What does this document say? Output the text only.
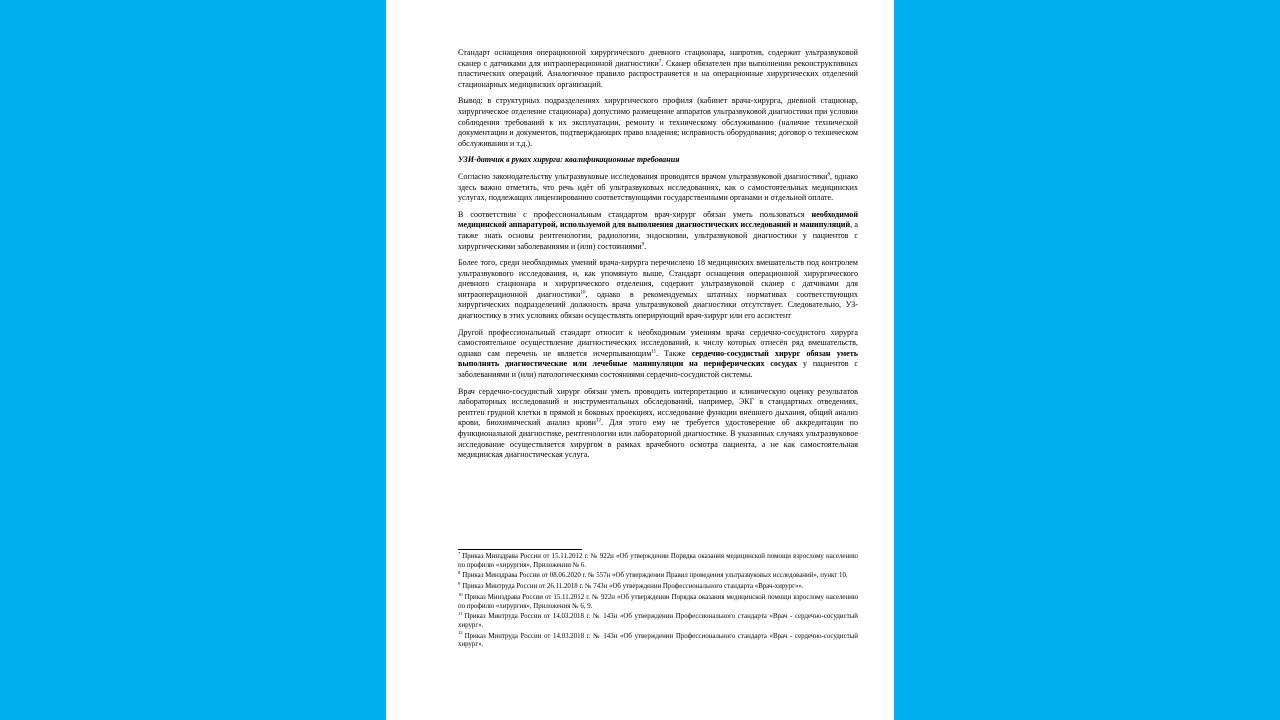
Стандарт оснащения операционной хирургического дневного стационара, напротив, содержит ультразвуковой сканер с датчиками для интраоперационной диагностики$^7$. Сканер обязателен при выполнении реконструктивных пластических операций. Аналогичное правило распространяется и на операционные хирургических отделений стационарных медицинских организаций.

Вывод: в структурных подразделениях хирургического профиля (кабинет врача-хирурга, дневной стационар, хирургическое отделение стационара) допустимо размещение аппаратов ультразвуковой диагностики при условии соблюдения требований к их эксплуатации, ремонту и техническому обслуживанию (наличие технической документации и документов, подтверждающих право владения; исправность оборудования; договор о техническом обслуживании и т.д.).

УЗИ-датчик в руках хирурга: квалификационные требования

Согласно законодательству ультразвуковые исследования проводятся врачом ультразвуковой диагностики$^8$, однако здесь важно отметить, что речь идёт об ультразвуковых исследованиях, как о самостоятельных медицинских услугах, подлежащих лицензированию соответствующими государственными органами и отдельной оплате.

В соответствии с профессиональным стандартом врач-хирург обязан уметь пользоваться необходимой медицинской аппаратурой, используемой для выполнения диагностических исследований и манипуляций, а также знать основы рентгенологии, радиологии, эндоскопии, ультразвуковой диагностики у пациентов с хирургическими заболеваниями и (или) состояниями$^9$.

Более того, среди необходимых умений врача-хирурга перечислено 18 медицинских вмешательств под контролем ультразвукового исследования, и, как упомянуто выше, Стандарт оснащения операционной хирургического дневного стационара и хирургического отделения, содержит ультразвуковой сканер с датчиками для интраоперационной диагностики$^{10}$, однако в рекомендуемых штатных нормативах соответствующих хирургических подразделений должность врача ультразвуковой диагностики отсутствует. Следовательно, УЗ-диагностику в этих условиях обязан осуществлять оперирующий врач-хирург или его ассистент

Другой профессиональный стандарт относит к необходимым умениям врача сердечно-сосудистого хирурга самостоятельное осуществление диагностических исследований, к числу которых отнесён ряд вмешательств, однако сам перечень не является исчерпывающим$^{11}$. Также сердечно-сосудистый хирург обязан уметь выполнять диагностические или лечебные манипуляции на периферических сосудах у пациентов с заболеваниями и (или) патологическими состояниями сердечно-сосудистой системы.

Врач сердечно-сосудистый хирург обязан уметь проводить интерпретацию и клиническую оценку результатов лабораторных исследований и инструментальных обследований, например, ЭКГ в стандартных отведениях, рентген грудной клетки в прямой и боковых проекциях, исследование функции внешнего дыхания, общий анализ крови, биохимический анализ крови$^{12}$. Для этого ему не требуется удостоверение об аккредитации по функциональной диагностике, рентгенологии или лабораторной диагностике. В указанных случаях ультразвуковое исследование осуществляется хирургом в рамках врачебного осмотра пациента, а не как самостоятельная медицинская диагностическая услуга.

$^7$ Приказ Минздрава России от 15.11.2012 г. № 922н «Об утверждении Порядка оказания медицинской помощи взрослому населению по профилю «хирургия», Приложении № 6.

$^8$ Приказ Минздрава России от 08.06.2020 г. № 557н «Об утверждении Правил проведения ультразвуковых исследований», пункт 10.

$^9$ Приказ Минтруда России от 26.11.2018 г. № 743н «Об утверждении Профессионального стандарта «Врач-хирург»».

$^{10}$ Приказ Минздрава России от 15.11.2012 г. № 922н «Об утверждении Порядка оказания медицинской помощи взрослому населению по профилю «хирургия», Приложения № 6, 9.

$^{11}$ Приказ Минтруда России от 14.03.2018 г. № 143н «Об утверждении Профессионального стандарта «Врач - сердечно-сосудистый хирург».

$^{12}$ Приказ Минтруда России от 14.03.2018 г. № 143н «Об утверждении Профессионального стандарта «Врач - сердечно-сосудистый хирург».
